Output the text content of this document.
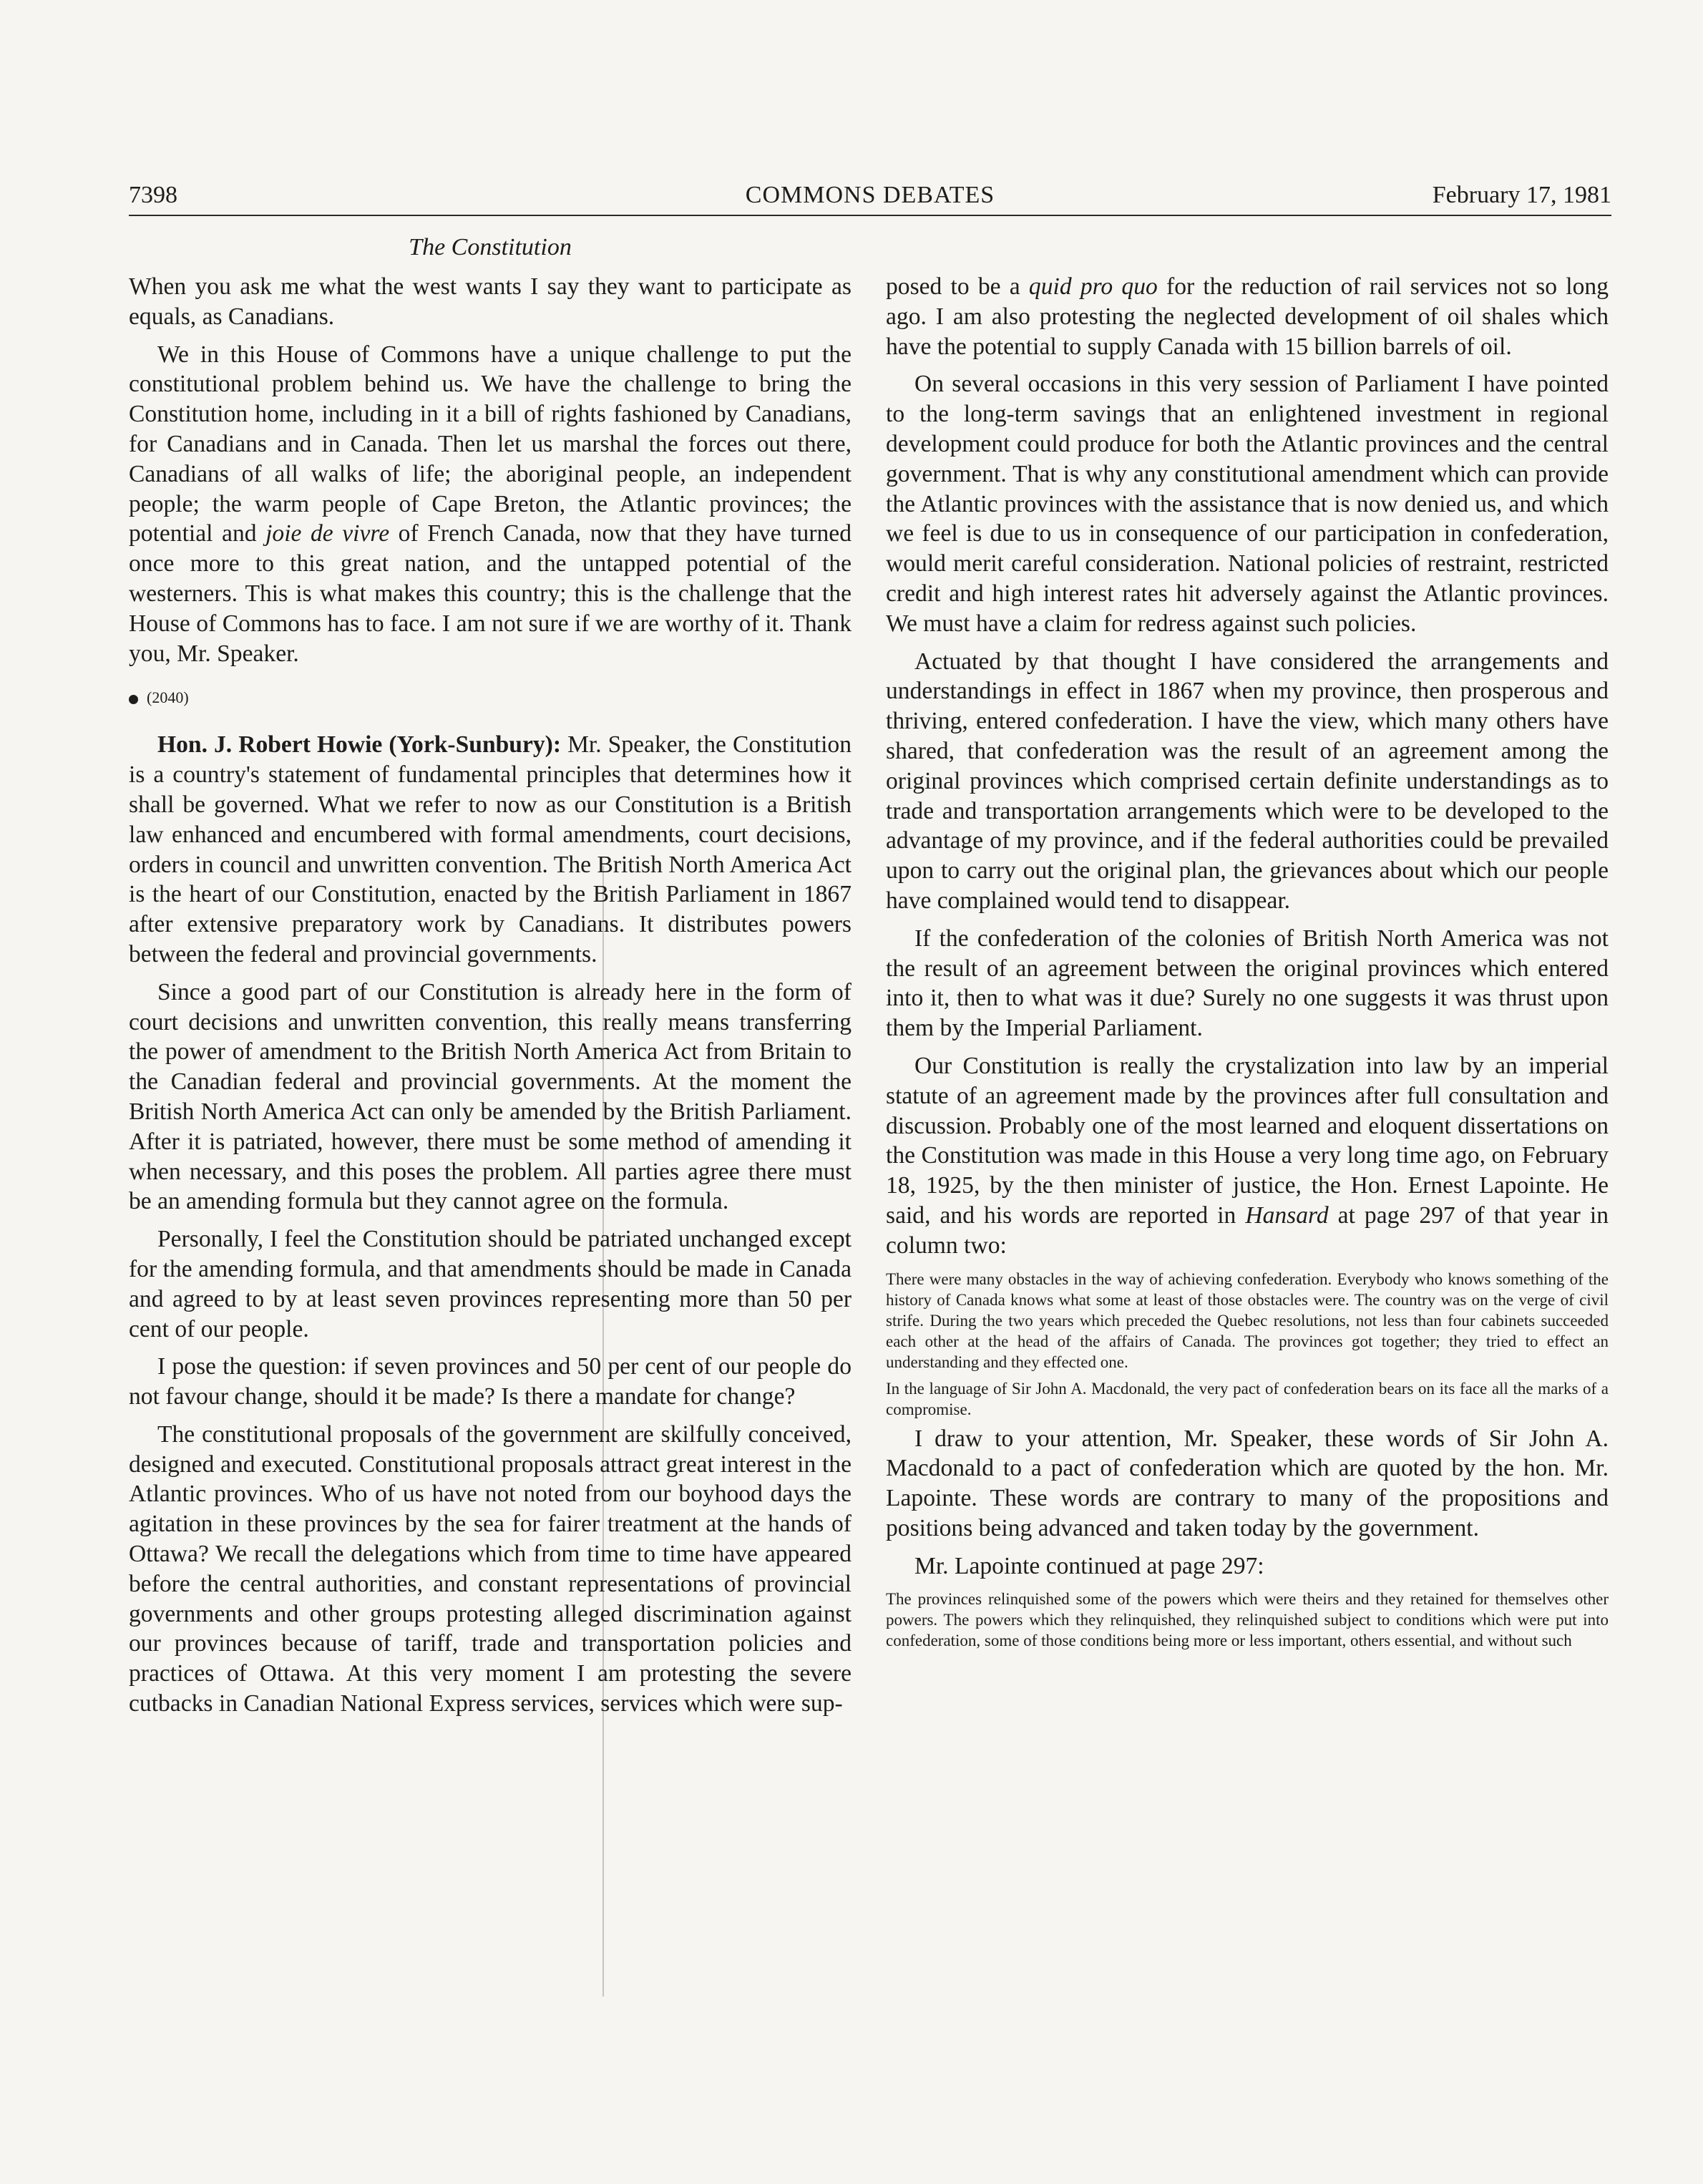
7398	COMMONS DEBATES	February 17, 1981
The Constitution

When you ask me what the west wants I say they want to participate as equals, as Canadians.

We in this House of Commons have a unique challenge to put the constitutional problem behind us. We have the challenge to bring the Constitution home, including in it a bill of rights fashioned by Canadians, for Canadians and in Canada. Then let us marshal the forces out there, Canadians of all walks of life; the aboriginal people, an independent people; the warm people of Cape Breton, the Atlantic provinces; the potential and joie de vivre of French Canada, now that they have turned once more to this great nation, and the untapped potential of the westerners. This is what makes this country; this is the challenge that the House of Commons has to face. I am not sure if we are worthy of it. Thank you, Mr. Speaker.

(2040)

Hon. J. Robert Howie (York-Sunbury): Mr. Speaker, the Constitution is a country's statement of fundamental principles that determines how it shall be governed. What we refer to now as our Constitution is a British law enhanced and encumbered with formal amendments, court decisions, orders in council and unwritten convention. The British North America Act is the heart of our Constitution, enacted by the British Parliament in 1867 after extensive preparatory work by Canadians. It distributes powers between the federal and provincial governments.

Since a good part of our Constitution is already here in the form of court decisions and unwritten convention, this really means transferring the power of amendment to the British North America Act from Britain to the Canadian federal and provincial governments. At the moment the British North America Act can only be amended by the British Parliament. After it is patriated, however, there must be some method of amending it when necessary, and this poses the problem. All parties agree there must be an amending formula but they cannot agree on the formula.

Personally, I feel the Constitution should be patriated unchanged except for the amending formula, and that amendments should be made in Canada and agreed to by at least seven provinces representing more than 50 per cent of our people.

I pose the question: if seven provinces and 50 per cent of our people do not favour change, should it be made? Is there a mandate for change?

The constitutional proposals of the government are skilfully conceived, designed and executed. Constitutional proposals attract great interest in the Atlantic provinces. Who of us have not noted from our boyhood days the agitation in these provinces by the sea for fairer treatment at the hands of Ottawa? We recall the delegations which from time to time have appeared before the central authorities, and constant representations of provincial governments and other groups protesting alleged discrimination against our provinces because of tariff, trade and transportation policies and practices of Ottawa. At this very moment I am protesting the severe cutbacks in Canadian National Express services, services which were sup-

posed to be a quid pro quo for the reduction of rail services not so long ago. I am also protesting the neglected development of oil shales which have the potential to supply Canada with 15 billion barrels of oil.

On several occasions in this very session of Parliament I have pointed to the long-term savings that an enlightened investment in regional development could produce for both the Atlantic provinces and the central government. That is why any constitutional amendment which can provide the Atlantic provinces with the assistance that is now denied us, and which we feel is due to us in consequence of our participation in confederation, would merit careful consideration. National policies of restraint, restricted credit and high interest rates hit adversely against the Atlantic provinces. We must have a claim for redress against such policies.

Actuated by that thought I have considered the arrangements and understandings in effect in 1867 when my province, then prosperous and thriving, entered confederation. I have the view, which many others have shared, that confederation was the result of an agreement among the original provinces which comprised certain definite understandings as to trade and transportation arrangements which were to be developed to the advantage of my province, and if the federal authorities could be prevailed upon to carry out the original plan, the grievances about which our people have complained would tend to disappear.

If the confederation of the colonies of British North America was not the result of an agreement between the original provinces which entered into it, then to what was it due? Surely no one suggests it was thrust upon them by the Imperial Parliament.

Our Constitution is really the crystalization into law by an imperial statute of an agreement made by the provinces after full consultation and discussion. Probably one of the most learned and eloquent dissertations on the Constitution was made in this House a very long time ago, on February 18, 1925, by the then minister of justice, the Hon. Ernest Lapointe. He said, and his words are reported in Hansard at page 297 of that year in column two:

There were many obstacles in the way of achieving confederation. Everybody who knows something of the history of Canada knows what some at least of those obstacles were. The country was on the verge of civil strife. During the two years which preceded the Quebec resolutions, not less than four cabinets succeeded each other at the head of the affairs of Canada. The provinces got together; they tried to effect an understanding and they effected one.

In the language of Sir John A. Macdonald, the very pact of confederation bears on its face all the marks of a compromise.

I draw to your attention, Mr. Speaker, these words of Sir John A. Macdonald to a pact of confederation which are quoted by the hon. Mr. Lapointe. These words are contrary to many of the propositions and positions being advanced and taken today by the government.

Mr. Lapointe continued at page 297:

The provinces relinquished some of the powers which were theirs and they retained for themselves other powers. The powers which they relinquished, they relinquished subject to conditions which were put into confederation, some of those conditions being more or less important, others essential, and without such
